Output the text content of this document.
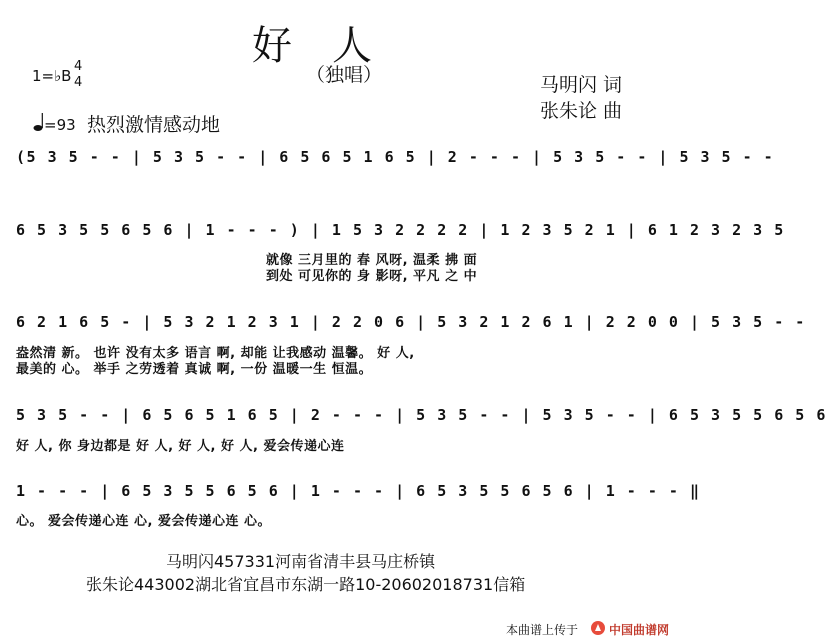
好　人
（独唱）	马明闪 词
张朱论 曲
1=♭B
4
4
=93 热烈激情感动地
(5 3 5 - - | 5 3 5 - - | 6 5 6 5 1 6 5 | 2 - - - | 5 3 5 - - | 5 3 5 - -
6 5 3 5 5 6 5 6 | 1 - - - ) | 1 5 3 2 2 2 2 | 1 2 3 5 2 1 | 6 1 2 3 2 3 5
就像 三月里的 春 风呀, 温柔 拂 面
到处 可见你的 身 影呀, 平凡 之 中
6 2 1 6 5 - | 5 3 2 1 2 3 1 | 2 2 0 6 | 5 3 2 1 2 6 1 | 2 2 0 0 | 5 3 5 - -
盎然清 新。 也许 没有太多 语言 啊, 却能 让我感动 温馨。 好 人,
最美的 心。 举手 之劳透着 真诚 啊, 一份 温暖一生 恒温。
5 3 5 - - | 6 5 6 5 1 6 5 | 2 - - - | 5 3 5 - - | 5 3 5 - - | 6 5 3 5 5 6 5 6
好 人, 你 身边都是 好 人, 好 人, 好 人, 爱会传递心连
1 - - - | 6 5 3 5 5 6 5 6 | 1 - - - | 6 5 3 5 5 6 5 6 | 1 - - - ‖
心。 爱会传递心连 心, 爱会传递心连 心。
马明闪457331河南省清丰县马庄桥镇
张朱论443002湖北省宜昌市东湖一路10-20602018731信箱
本曲谱上传于	中国曲谱网
